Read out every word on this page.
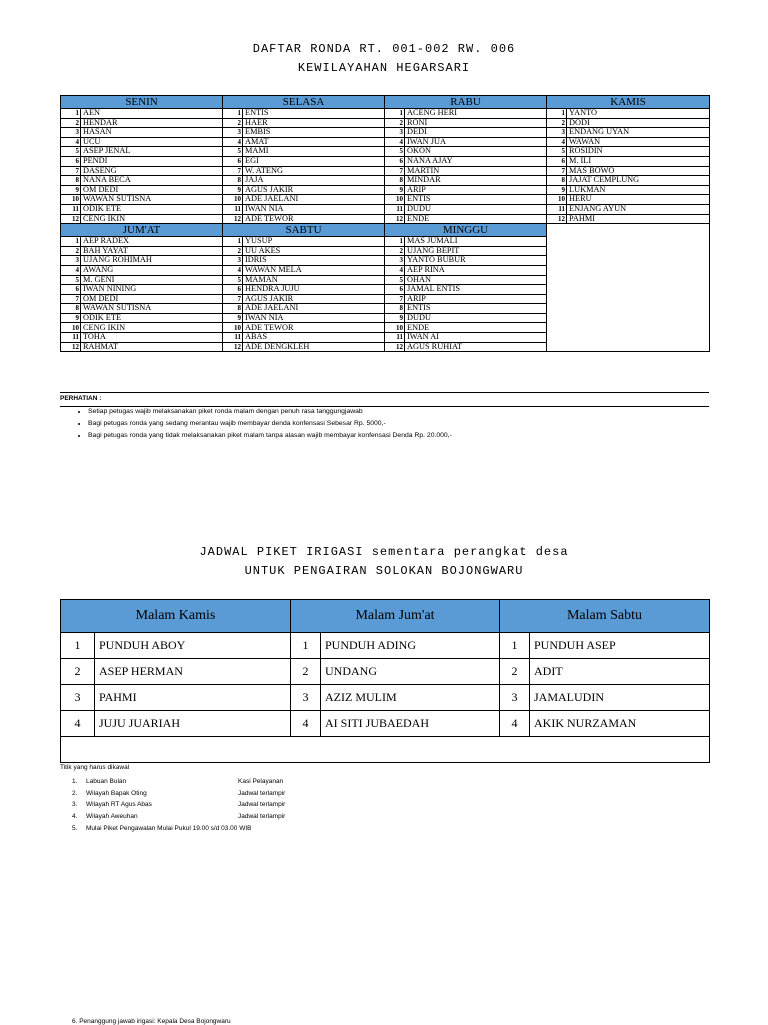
DAFTAR RONDA RT. 001-002 RW. 006
KEWILAYAHAN HEGARSARI
SENIN		SELASA		RABU		KAMIS	
1	AEN	1	ENTIS	1	ACENG HERI	1	YANTO
2	HENDAR	2	HAER	2	RONI	2	DODI
3	HASAN	3	EMBIS	3	DEDI	3	ENDANG UYAN
4	UCU	4	AMAT	4	IWAN JUA	4	WAWAN
5	ASEP JENAL	5	MAMI	5	OKON	5	ROSIDIN
6	PENDI	6	EGI	6	NANA AJAY	6	M. ILI
7	DASENG	7	W. ATENG	7	MARTIN	7	MAS BOWO
8	NANA BECA	8	JAJA	8	MINDAR	8	JAJAT CEMPLUNG
9	OM DEDI	9	AGUS JAKIR	9	ARIP	9	LUKMAN
10	WAWAN SUTISNA	10	ADE JAELANI	10	ENTIS	10	HERU
11	ODIK ETE	11	IWAN NIA	11	DUDU	11	ENJANG AYUN
12	CENG IKIN	12	ADE TEWOR	12	ENDE	12	PAHMI
JUM'AT		SABTU		MINGGU			
1	AEP RADEX	1	YUSUP	1	MAS JUMALI		
2	BAH YAYAT	2	UU AKES	2	UJANG BEPIT		
3	UJANG ROHIMAH	3	IDRIS	3	YANTO BUBUR		
4	AWANG	4	WAWAN MELA	4	AEP RINA		
5	M. GENI	5	MAMAN	5	OHAN		
6	IWAN NINING	6	HENDRA JUJU	6	JAMAL ENTIS		
7	OM DEDI	7	AGUS JAKIR	7	ARIP		
8	WAWAN SUTISNA	8	ADE JAELANI	8	ENTIS		
9	ODIK ETE	9	IWAN NIA	9	DUDU		
10	CENG IKIN	10	ADE TEWOR	10	ENDE		
11	TOHA	11	ABAS	11	IWAN AI		
12	RAHMAT	12	ADE DENGKLEH	12	AGUS RUHIAT		
PERHATIAN :
• Setiap petugas wajib melaksanakan piket ronda malam dengan penuh rasa tanggungjawab
• Bagi petugas ronda yang sedang merantau wajib membayar denda konfensasi Sebesar Rp. 5000,-
• Bagi petugas ronda yang tidak melaksanakan piket malam tanpa alasan wajib membayar konfensasi Denda Rp. 20.000,-
JADWAL PIKET IRIGASI sementara perangkat desa
UNTUK PENGAIRAN SOLOKAN BOJONGWARU
Malam Kamis		Malam Jum'at		Malam Sabtu	
1	PUNDUH ABOY	1	PUNDUH ADING	1	PUNDUH ASEP
2	ASEP HERMAN	2	UNDANG	2	ADIT
3	PAHMI	3	AZIZ MULIM	3	JAMALUDIN
4	JUJU JUARIAH	4	AI SITI JUBAEDAH	4	AKIK NURZAMAN

Titik yang harus dikawal
1.	Labuan Bulan	Kasi Pelayanan
2.	Wilayah Bapak Oting	Jadwal terlampir
3.	Wilayah RT Agus Abas	Jadwal terlampir
4.	Wilayah Aweuhan	Jadwal terlampir
5.	Mulai Piket Pengawalan Mulai Pukul 19.00 s/d 03.00 WIB
6. Penanggung jawab irigasi: Kepala Desa Bojongwaru
